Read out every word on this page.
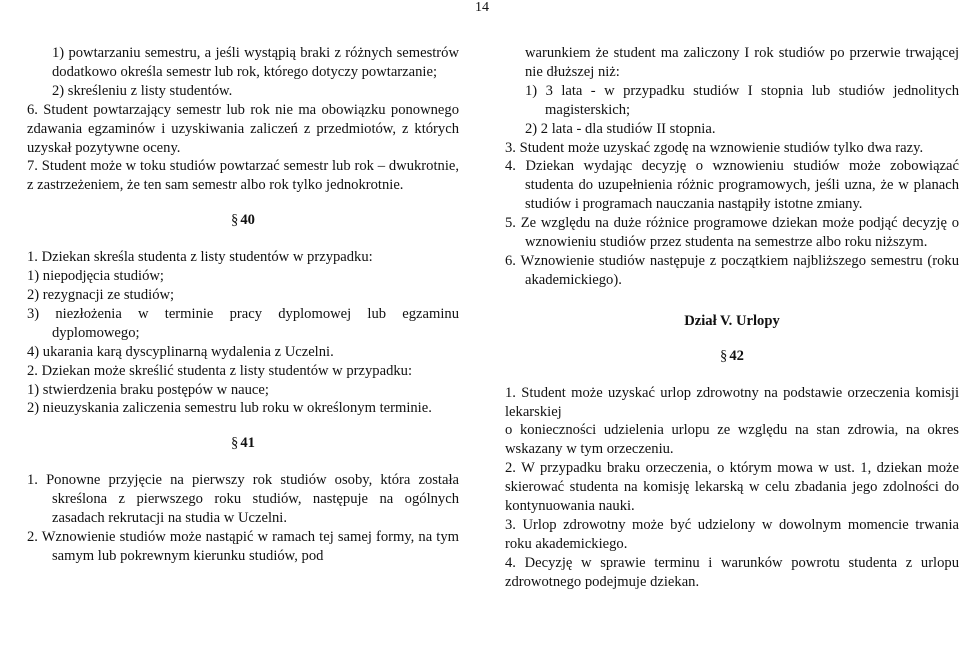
14

1) powtarzaniu semestru, a jeśli wystąpią braki z różnych semestrów dodatkowo określa semestr lub rok, którego dotyczy powtarzanie;

2) skreśleniu z listy studentów.

6. Student powtarzający semestr lub rok nie ma obowiązku ponownego zdawania egzaminów i uzyskiwania zaliczeń z przedmiotów, z których uzyskał pozytywne oceny.

7. Student może w toku studiów powtarzać semestr lub rok – dwukrotnie, z zastrzeżeniem, że ten sam semestr albo rok tylko jednokrotnie.

§ 40

1. Dziekan skreśla studenta z listy studentów w przypadku:

1) niepodjęcia studiów;

2) rezygnacji ze studiów;

3) niezłożenia w terminie pracy dyplomowej lub egzaminu dyplomowego;

4) ukarania karą dyscyplinarną wydalenia z Uczelni.

2. Dziekan może skreślić studenta z listy studentów w przypadku:

1) stwierdzenia braku postępów w nauce;

2) nieuzyskania zaliczenia semestru lub roku w określonym terminie.

§ 41

1. Ponowne przyjęcie na pierwszy rok studiów osoby, która została skreślona z pierwszego roku studiów, następuje na ogólnych zasadach rekrutacji na studia w Uczelni.

2. Wznowienie studiów może nastąpić w ramach tej samej formy, na tym samym lub pokrewnym kierunku studiów, pod

warunkiem że student ma zaliczony I rok studiów po przerwie trwającej nie dłuższej niż:

1) 3 lata - w przypadku studiów I stopnia lub studiów jednolitych magisterskich;

2) 2 lata - dla studiów II stopnia.

3. Student może uzyskać zgodę na wznowienie studiów tylko dwa razy.

4. Dziekan wydając decyzję o wznowieniu studiów może zobowiązać studenta do uzupełnienia różnic programowych, jeśli uzna, że w planach studiów i programach nauczania nastąpiły istotne zmiany.

5. Ze względu na duże różnice programowe dziekan może podjąć decyzję o wznowieniu studiów przez studenta na semestrze albo roku niższym.

6. Wznowienie studiów następuje z początkiem najbliższego semestru (roku akademickiego).

Dział V. Urlopy
§ 42

1. Student może uzyskać urlop zdrowotny na podstawie orzeczenia komisji lekarskiej

o konieczności udzielenia urlopu ze względu na stan zdrowia, na okres wskazany w tym orzeczeniu.

2. W przypadku braku orzeczenia, o którym mowa w ust. 1, dziekan może skierować studenta na komisję lekarską w celu zbadania jego zdolności do kontynuowania nauki.

3. Urlop zdrowotny może być udzielony w dowolnym momencie trwania roku akademickiego.

4. Decyzję w sprawie terminu i warunków powrotu studenta z urlopu zdrowotnego podejmuje dziekan.
